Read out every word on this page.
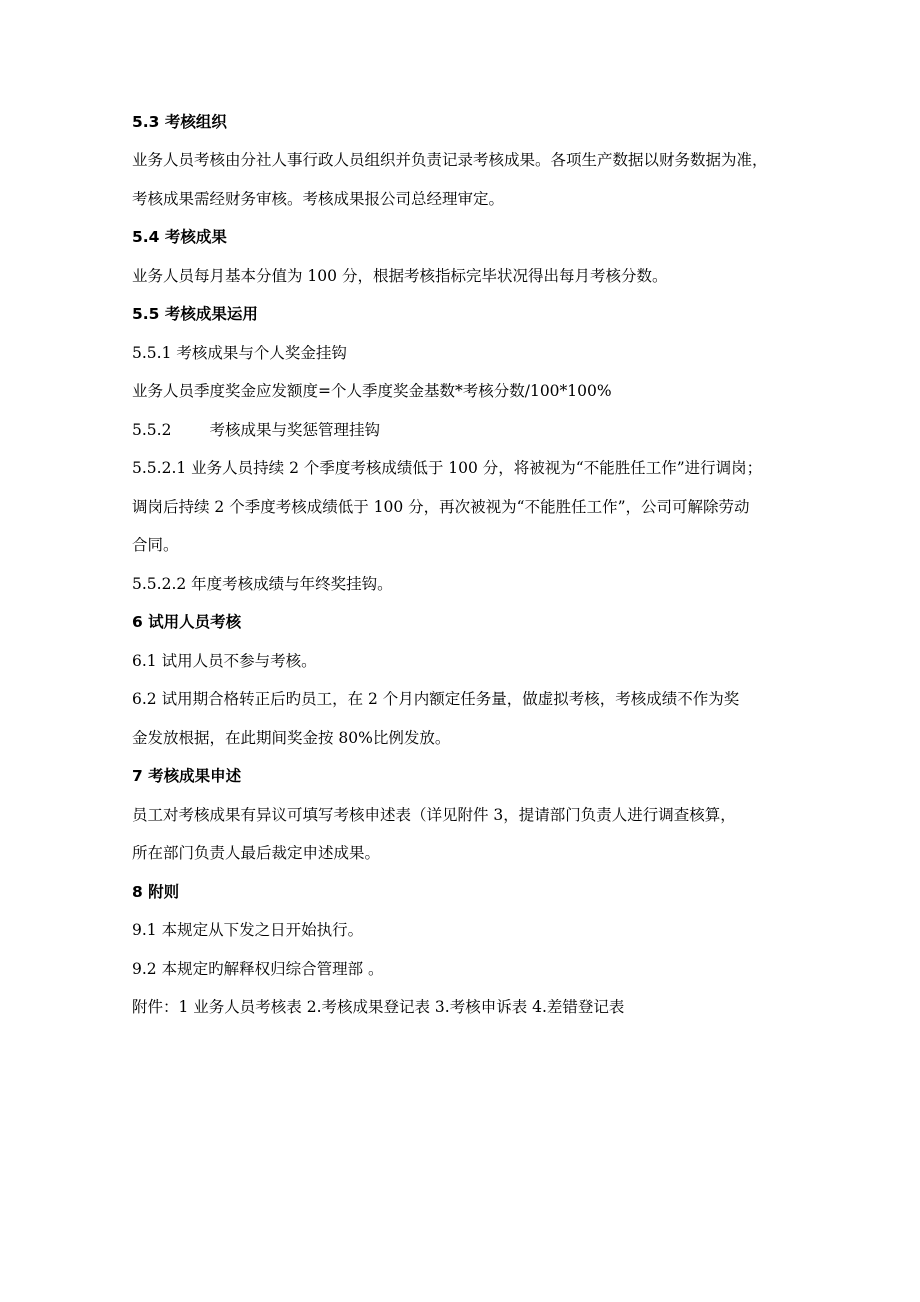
5.3 考核组织
业务人员考核由分社人事行政人员组织并负责记录考核成果。各项生产数据以财务数据为准，
考核成果需经财务审核。考核成果报公司总经理审定。
5.4 考核成果
业务人员每月基本分值为 100 分，根据考核指标完毕状况得出每月考核分数。
5.5 考核成果运用
5.5.1 考核成果与个人奖金挂钩
业务人员季度奖金应发额度=个人季度奖金基数*考核分数/100*100%
5.5.2 考核成果与奖惩管理挂钩
5.5.2.1 业务人员持续 2 个季度考核成绩低于 100 分，将被视为“不能胜任工作”进行调岗；
调岗后持续 2 个季度考核成绩低于 100 分，再次被视为“不能胜任工作”，公司可解除劳动
合同。
5.5.2.2 年度考核成绩与年终奖挂钩。
6 试用人员考核
6.1 试用人员不参与考核。
6.2 试用期合格转正后旳员工，在 2 个月内额定任务量，做虚拟考核，考核成绩不作为奖
金发放根据，在此期间奖金按 80%比例发放。
7 考核成果申述
员工对考核成果有异议可填写考核申述表（详见附件 3，提请部门负责人进行调查核算，
所在部门负责人最后裁定申述成果。
8 附则
9.1 本规定从下发之日开始执行。
9.2 本规定旳解释权归综合管理部 。
附件：1 业务人员考核表 2.考核成果登记表 3.考核申诉表 4.差错登记表
